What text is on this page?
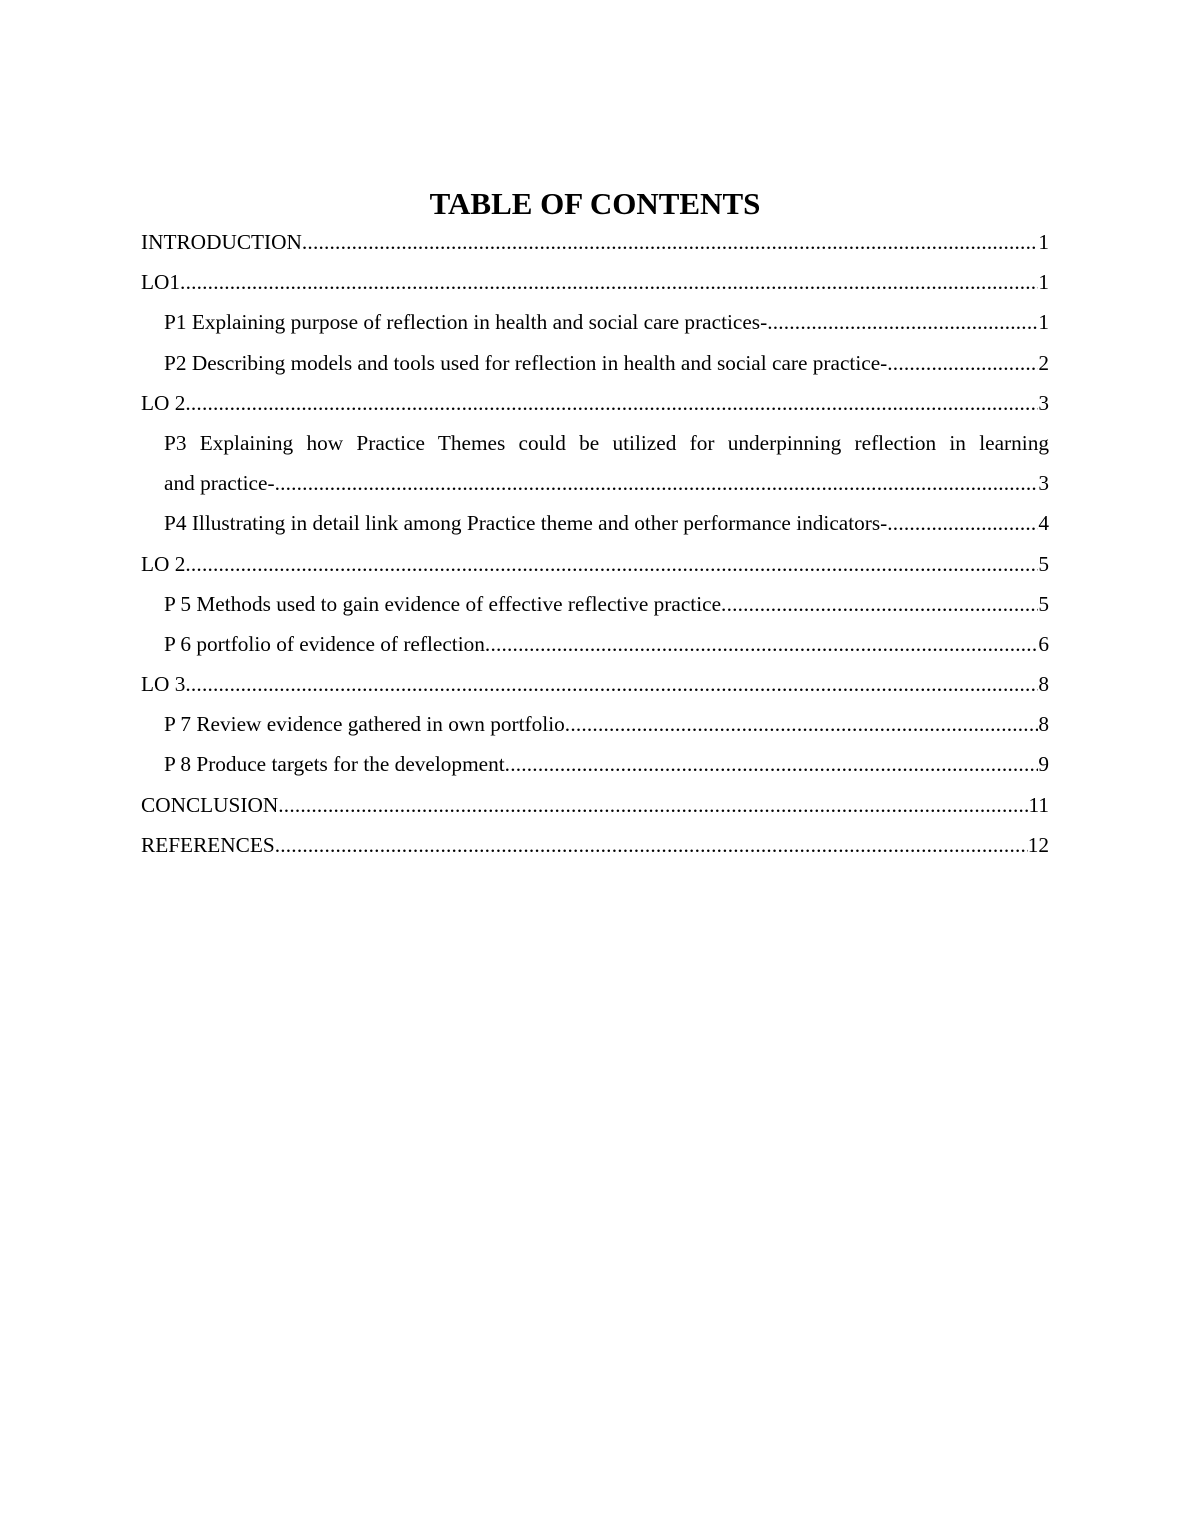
TABLE OF CONTENTS
INTRODUCTION .....	1
LO1 .....	1
P1 Explaining purpose of reflection in health and social care practices- .....	1
P2 Describing models and tools used for reflection in health and social care practice- .....	2
LO 2 .....	3
P3 Explaining how Practice Themes could be utilized for underpinning reflection in learning
and practice- .....	3
P4 Illustrating in detail link among Practice theme and other performance indicators- .....	4
LO 2 .....	5
P 5 Methods used to gain evidence of effective reflective practice .....	5
P 6 portfolio of evidence of reflection .....	6
LO 3 .....	8
P 7 Review evidence gathered in own portfolio .....	8
P 8 Produce targets for the development .....	9
CONCLUSION .....	11
REFERENCES .....	12
